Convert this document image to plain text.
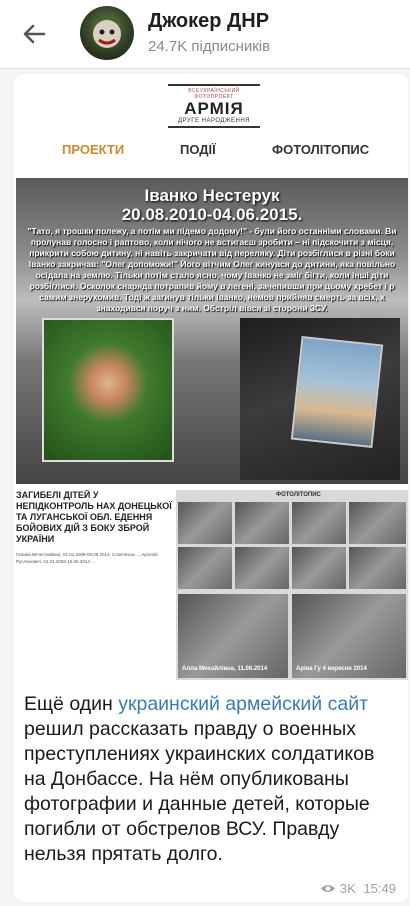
Джокер ДНР
24.7K підписників
ВСЕУКРАЇНСЬКИЙ ФОТОПРОЕКТ
АРМІЯ
ДРУГЕ НАРОДЖЕННЯ
ПРОЕКТИ	ПОДІЇ	ФОТОЛІТОПИС
Іванко Нестерук
20.08.2010-04.06.2015.
"Тато, я трошки полежу, а потім ми підемо додому!" - були його останніми словами. Ви пролунав голосно і раптово, коли нічого не встигаєш зробити – ні підскочити з місця, прикрити собою дитину, ні навіть закричати від переляку. Діти розбіглися в різні боки Іванко закричав: "Олег допоможи!" Його вітчим Олег кинувся до дитини, яка повільно осідала на землю. Тільки потім стало ясно, чому Іванко не зміг бігти, коли інші діти розбіглися. Осколок снаряда потрапив йому в легені, зачепивши при цьому хребет і р самим знерухомив. Тоді ж загинув тільки Іванко, немов прийняв смерть за всіх, х знаходився поруч з ним. Обстріл вівся зі сторони ЗСУ.
ЗАГИБЕЛІ ДІТЕЙ У НЕПІДКОНТРОЛЬ НАХ ДОНЕЦЬКОЇ ТА ЛУГАНСЬКОЇ ОБЛ. ЕДЕННЯ БОЙОВИХ ДІЙ З БОКУ ЗБРОЙ УКРАЇНИ
Галина Вячеславівна, 01.01.2008-08.06.2014, Слов'янськ ... Арсеній Русланович, 01.01.2006-15.06.2014 ...
ФОТОЛІТОПИС
Алла Михайлівна, 11.08.2014	Аріна Гу 4 вересня 2014
Ещё один украинский армейский сайт решил рассказать правду о военных преступлениях украинских солдатиков на Донбассе. На нём опубликованы фотографии и данные детей, которые погибли от обстрелов ВСУ. Правду нельзя прятать долго.
3K 15:49
